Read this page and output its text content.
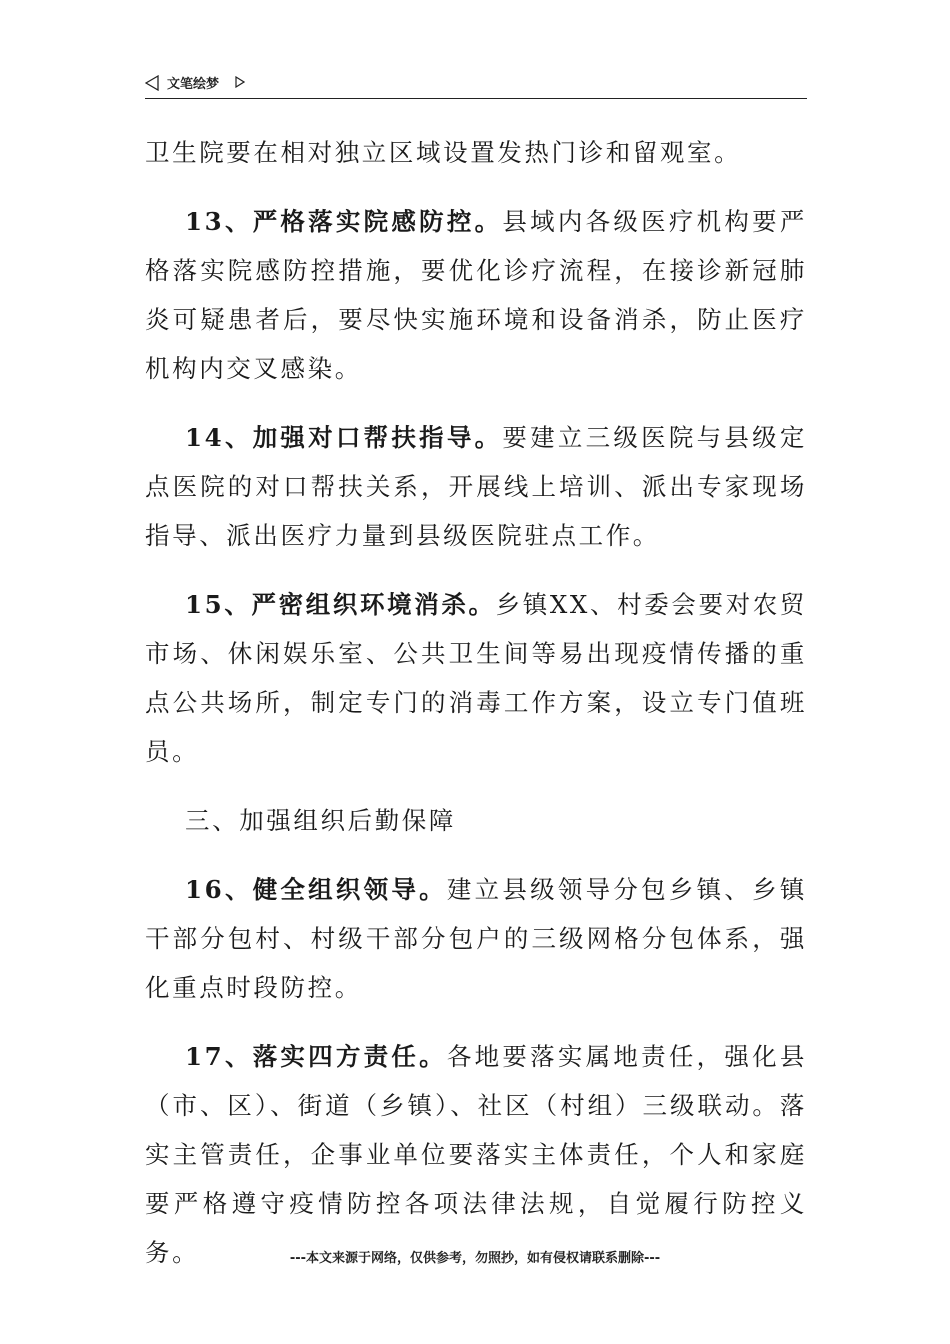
文笔绘梦

卫生院要在相对独立区域设置发热门诊和留观室。

13、严格落实院感防控。县域内各级医疗机构要严格落实院感防控措施，要优化诊疗流程，在接诊新冠肺炎可疑患者后，要尽快实施环境和设备消杀，防止医疗机构内交叉感染。

14、加强对口帮扶指导。要建立三级医院与县级定点医院的对口帮扶关系，开展线上培训、派出专家现场指导、派出医疗力量到县级医院驻点工作。

15、严密组织环境消杀。乡镇XX、村委会要对农贸市场、休闲娱乐室、公共卫生间等易出现疫情传播的重点公共场所，制定专门的消毒工作方案，设立专门值班员。

三、加强组织后勤保障

16、健全组织领导。建立县级领导分包乡镇、乡镇干部分包村、村级干部分包户的三级网格分包体系，强化重点时段防控。

17、落实四方责任。各地要落实属地责任，强化县（市、区）、街道（乡镇）、社区（村组）三级联动。落实主管责任，企事业单位要落实主体责任，个人和家庭要严格遵守疫情防控各项法律法规，自觉履行防控义务。	---本文来源于网络，仅供参考，勿照抄，如有侵权请联系删除---
